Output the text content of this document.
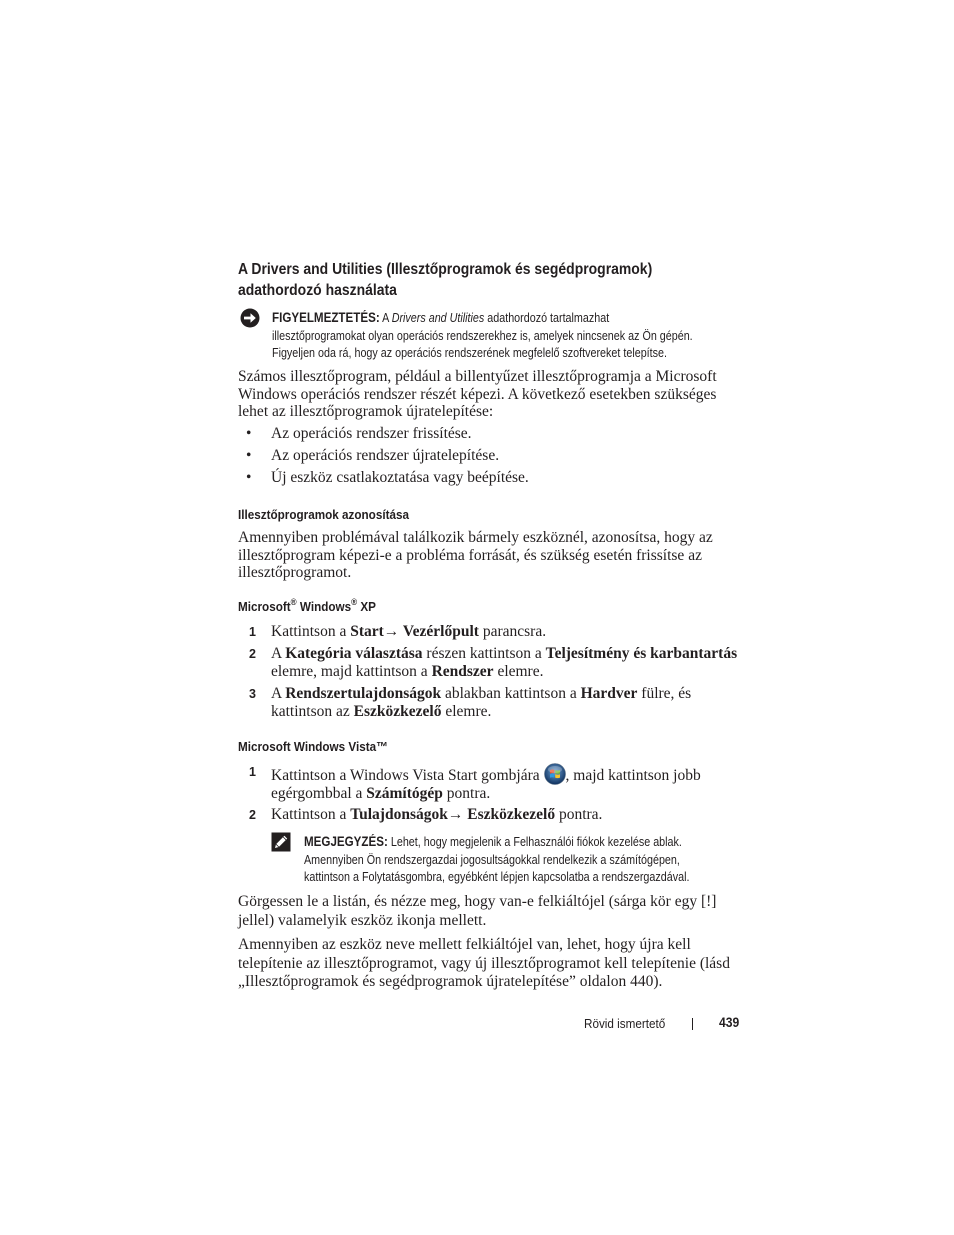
A Drivers and Utilities (Illesztőprogramok és segédprogramok)
adathordozó használata
FIGYELMEZTETÉS: A Drivers and Utilities adathordozó tartalmazhat
illesztőprogramokat olyan operációs rendszerekhez is, amelyek nincsenek az Ön gépén.
Figyeljen oda rá, hogy az operációs rendszerének megfelelő szoftvereket telepítse.
Számos illesztőprogram, például a billentyűzet illesztőprogramja a Microsoft
Windows operációs rendszer részét képezi. A következő esetekben szükséges
lehet az illesztőprogramok újratelepítése:
• Az operációs rendszer frissítése.
• Az operációs rendszer újratelepítése.
• Új eszköz csatlakoztatása vagy beépítése.
Illesztőprogramok azonosítása
Amennyiben problémával találkozik bármely eszköznél, azonosítsa, hogy az
illesztőprogram képezi-e a probléma forrását, és szükség esetén frissítse az
illesztőprogramot.
Microsoft® Windows® XP
1 Kattintson a Start→ Vezérlőpult parancsra.
2 A Kategória választása részen kattintson a Teljesítmény és karbantartás
elemre, majd kattintson a Rendszer elemre.
3 A Rendszertulajdonságok ablakban kattintson a Hardver fülre, és
kattintson az Eszközkezelő elemre.
Microsoft Windows Vista™
1 Kattintson a Windows Vista Start gombjára , majd kattintson jobb
egérgombbal a Számítógép pontra.
2 Kattintson a Tulajdonságok→ Eszközkezelő pontra.
MEGJEGYZÉS: Lehet, hogy megjelenik a Felhasználói fiókok kezelése ablak.
Amennyiben Ön rendszergazdai jogosultságokkal rendelkezik a számítógépen,
kattintson a Folytatásgombra, egyébként lépjen kapcsolatba a rendszergazdával.
Görgessen le a listán, és nézze meg, hogy van-e felkiáltójel (sárga kör egy [!]
jellel) valamelyik eszköz ikonja mellett.
Amennyiben az eszköz neve mellett felkiáltójel van, lehet, hogy újra kell
telepítenie az illesztőprogramot, vagy új illesztőprogramot kell telepítenie (lásd
„Illesztőprogramok és segédprogramok újratelepítése” oldalon 440).
Rövid ismertető	439
